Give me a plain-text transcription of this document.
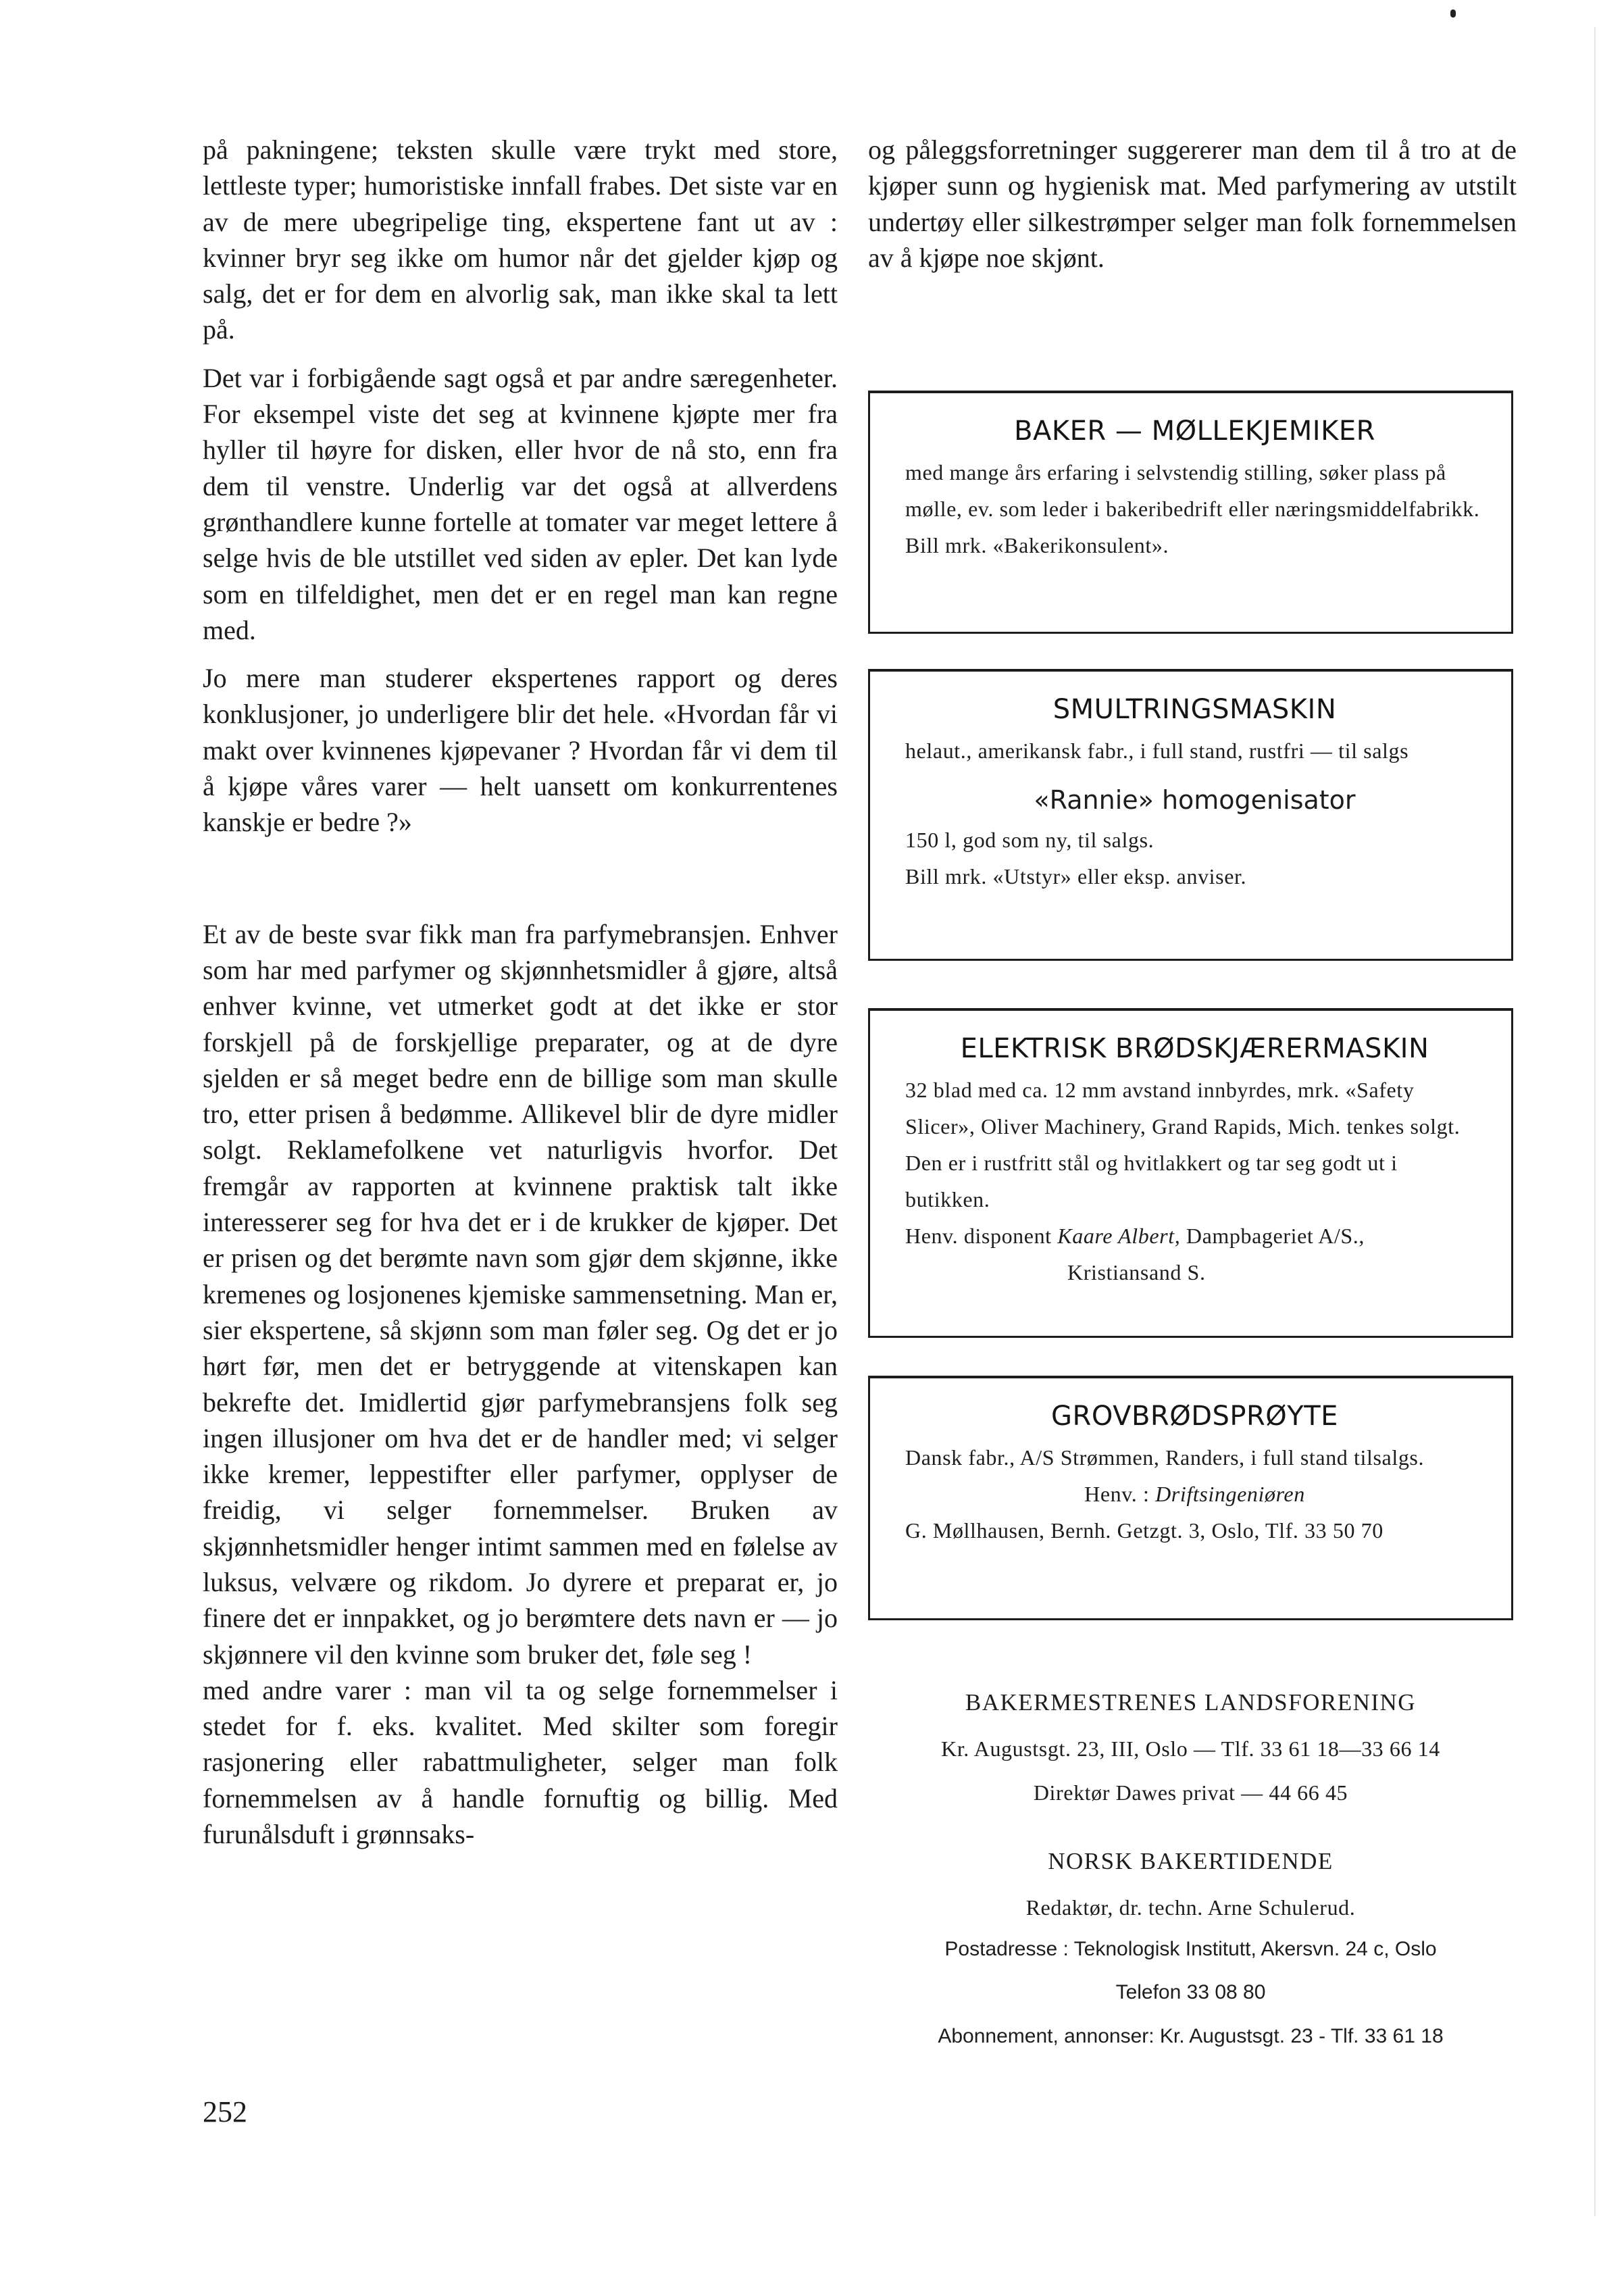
på pakningene; teksten skulle være trykt med store, lettleste typer; humoristiske innfall frabes. Det siste var en av de mere ubegripelige ting, ekspertene fant ut av : kvinner bryr seg ikke om humor når det gjelder kjøp og salg, det er for dem en alvorlig sak, man ikke skal ta lett på.

Det var i forbigående sagt også et par andre særegenheter. For eksempel viste det seg at kvinnene kjøpte mer fra hyller til høyre for disken, eller hvor de nå sto, enn fra dem til venstre. Underlig var det også at allverdens grønthandlere kunne fortelle at tomater var meget lettere å selge hvis de ble utstillet ved siden av epler. Det kan lyde som en tilfeldighet, men det er en regel man kan regne med.

Jo mere man studerer ekspertenes rapport og deres konklusjoner, jo underligere blir det hele. «Hvordan får vi makt over kvinnenes kjøpevaner ? Hvordan får vi dem til å kjøpe våres varer — helt uansett om konkurrentenes kanskje er bedre ?»

Et av de beste svar fikk man fra parfymebransjen. Enhver som har med parfymer og skjønnhetsmidler å gjøre, altså enhver kvinne, vet utmerket godt at det ikke er stor forskjell på de forskjellige preparater, og at de dyre sjelden er så meget bedre enn de billige som man skulle tro, etter prisen å bedømme. Allikevel blir de dyre midler solgt. Reklamefolkene vet naturligvis hvorfor. Det fremgår av rapporten at kvinnene praktisk talt ikke interesserer seg for hva det er i de krukker de kjøper. Det er prisen og det berømte navn som gjør dem skjønne, ikke kremenes og losjonenes kjemiske sammensetning. Man er, sier ekspertene, så skjønn som man føler seg. Og det er jo hørt før, men det er betryggende at vitenskapen kan bekrefte det. Imidlertid gjør parfymebransjens folk seg ingen illusjoner om hva det er de handler med; vi selger ikke kremer, leppestifter eller parfymer, opplyser de freidig, vi selger fornemmelser. Bruken av skjønnhetsmidler henger intimt sammen med en følelse av luksus, velvære og rikdom. Jo dyrere et preparat er, jo finere det er innpakket, og jo berømtere dets navn er — jo skjønnere vil den kvinne som bruker det, føle seg !

med andre varer : man vil ta og selge fornemmelser i stedet for f. eks. kvalitet. Med skilter som foregir rasjonering eller rabattmuligheter, selger man folk fornemmelsen av å handle fornuftig og billig. Med furunålsduft i grønnsaks-

og påleggsforretninger suggererer man dem til å tro at de kjøper sunn og hygienisk mat. Med parfymering av utstilt undertøy eller silkestrømper selger man folk fornemmelsen av å kjøpe noe skjønt.

BAKER — MØLLEKJEMIKER

med mange års erfaring i selvstendig stilling, søker plass på mølle, ev. som leder i bakeribedrift eller næringsmiddelfabrikk.

Bill mrk. «Bakerikonsulent».

SMULTRINGSMASKIN

helaut., amerikansk fabr., i full stand, rustfri — til salgs

«Rannie» homogenisator

150 l, god som ny, til salgs.

Bill mrk. «Utstyr» eller eksp. anviser.

ELEKTRISK BRØDSKJÆRERMASKIN

32 blad med ca. 12 mm avstand innbyrdes, mrk. «Safety Slicer», Oliver Machinery, Grand Rapids, Mich. tenkes solgt. Den er i rustfritt stål og hvitlakkert og tar seg godt ut i butikken.

Henv. disponent Kaare Albert, Dampbageriet A/S.,

Kristiansand S.

GROVBRØDSPRØYTE

Dansk fabr., A/S Strømmen, Randers, i full stand tilsalgs.

Henv. : Driftsingeniøren

G. Møllhausen, Bernh. Getzgt. 3, Oslo, Tlf. 33 50 70

BAKERMESTRENES LANDSFORENING
Kr. Augustsgt. 23, III, Oslo — Tlf. 33 61 18—33 66 14
Direktør Dawes privat — 44 66 45
NORSK BAKERTIDENDE
Redaktør, dr. techn. Arne Schulerud.
Postadresse : Teknologisk Institutt, Akersvn. 24 c, Oslo
Telefon 33 08 80
Abonnement, annonser: Kr. Augustsgt. 23 - Tlf. 33 61 18
252
